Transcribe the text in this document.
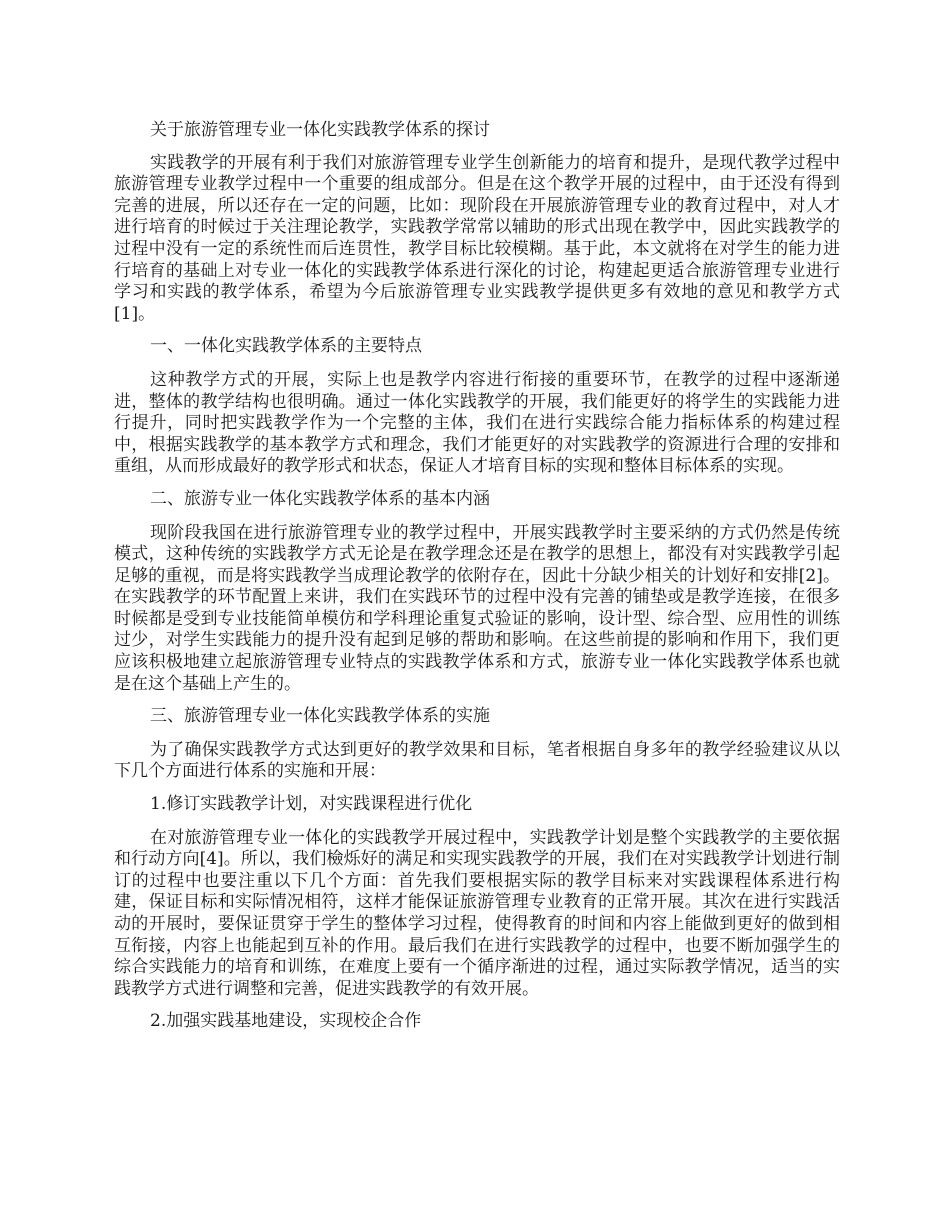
关于旅游管理专业一体化实践教学体系的探讨

实践教学的开展有利于我们对旅游管理专业学生创新能力的培育和提升，是现代教学过程中旅游管理专业教学过程中一个重要的组成部分。但是在这个教学开展的过程中，由于还没有得到完善的进展，所以还存在一定的问题，比如：现阶段在开展旅游管理专业的教育过程中，对人才进行培育的时候过于关注理论教学，实践教学常常以辅助的形式出现在教学中，因此实践教学的过程中没有一定的系统性而后连贯性，教学目标比较模糊。基于此，本文就将在对学生的能力进行培育的基础上对专业一体化的实践教学体系进行深化的讨论，构建起更适合旅游管理专业进行学习和实践的教学体系，希望为今后旅游管理专业实践教学提供更多有效地的意见和教学方式[1]。

一、一体化实践教学体系的主要特点

这种教学方式的开展，实际上也是教学内容进行衔接的重要环节，在教学的过程中逐渐递进，整体的教学结构也很明确。通过一体化实践教学的开展，我们能更好的将学生的实践能力进行提升，同时把实践教学作为一个完整的主体，我们在进行实践综合能力指标体系的构建过程中，根据实践教学的基本教学方式和理念，我们才能更好的对实践教学的资源进行合理的安排和重组，从而形成最好的教学形式和状态，保证人才培育目标的实现和整体目标体系的实现。

二、旅游专业一体化实践教学体系的基本内涵

现阶段我国在进行旅游管理专业的教学过程中，开展实践教学时主要采纳的方式仍然是传统模式，这种传统的实践教学方式无论是在教学理念还是在教学的思想上，都没有对实践教学引起足够的重视，而是将实践教学当成理论教学的依附存在，因此十分缺少相关的计划好和安排[2]。在实践教学的环节配置上来讲，我们在实践环节的过程中没有完善的铺垫或是教学连接，在很多时候都是受到专业技能简单模仿和学科理论重复式验证的影响，设计型、综合型、应用性的训练过少，对学生实践能力的提升没有起到足够的帮助和影响。在这些前提的影响和作用下，我们更应该积极地建立起旅游管理专业特点的实践教学体系和方式，旅游专业一体化实践教学体系也就是在这个基础上产生的。

三、旅游管理专业一体化实践教学体系的实施

为了确保实践教学方式达到更好的教学效果和目标，笔者根据自身多年的教学经验建议从以下几个方面进行体系的实施和开展：

1.修订实践教学计划，对实践课程进行优化

在对旅游管理专业一体化的实践教学开展过程中，实践教学计划是整个实践教学的主要依据和行动方向[4]。所以，我们檢烁好的满足和实现实践教学的开展，我们在对实践教学计划进行制订的过程中也要注重以下几个方面：首先我们要根据实际的教学目标来对实践课程体系进行构建，保证目标和实际情况相符，这样才能保证旅游管理专业教育的正常开展。其次在进行实践活动的开展时，要保证贯穿于学生的整体学习过程，使得教育的时间和内容上能做到更好的做到相互衔接，内容上也能起到互补的作用。最后我们在进行实践教学的过程中，也要不断加强学生的综合实践能力的培育和训练，在难度上要有一个循序渐进的过程，通过实际教学情况，适当的实践教学方式进行调整和完善，促进实践教学的有效开展。

2.加强实践基地建设，实现校企合作
